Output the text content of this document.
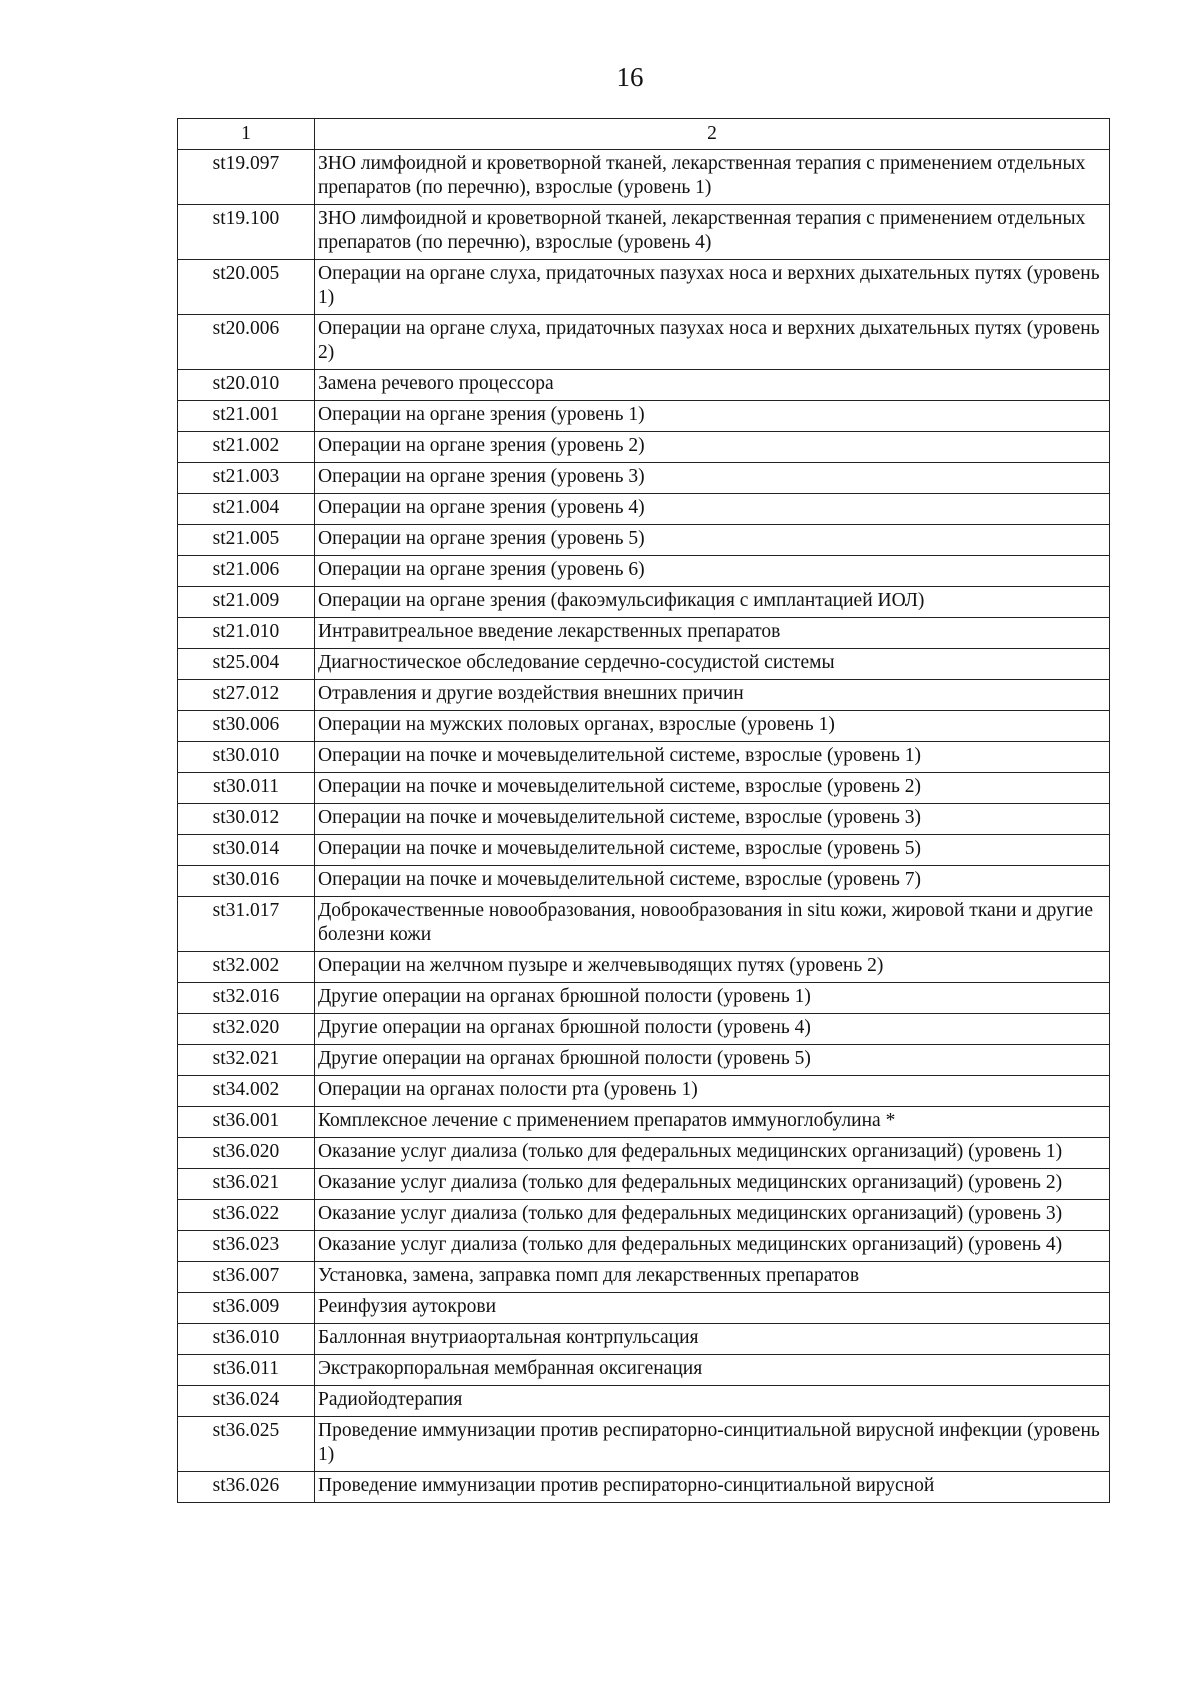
16
1	2
st19.097	ЗНО лимфоидной и кроветворной тканей, лекарственная терапия с применением отдельных препаратов (по перечню), взрослые (уровень 1)
st19.100	ЗНО лимфоидной и кроветворной тканей, лекарственная терапия с применением отдельных препаратов (по перечню), взрослые (уровень 4)
st20.005	Операции на органе слуха, придаточных пазухах носа и верхних дыхательных путях (уровень 1)
st20.006	Операции на органе слуха, придаточных пазухах носа и верхних дыхательных путях (уровень 2)
st20.010	Замена речевого процессора
st21.001	Операции на органе зрения (уровень 1)
st21.002	Операции на органе зрения (уровень 2)
st21.003	Операции на органе зрения (уровень 3)
st21.004	Операции на органе зрения (уровень 4)
st21.005	Операции на органе зрения (уровень 5)
st21.006	Операции на органе зрения (уровень 6)
st21.009	Операции на органе зрения (факоэмульсификация с имплантацией ИОЛ)
st21.010	Интравитреальное введение лекарственных препаратов
st25.004	Диагностическое обследование сердечно-сосудистой системы
st27.012	Отравления и другие воздействия внешних причин
st30.006	Операции на мужских половых органах, взрослые (уровень 1)
st30.010	Операции на почке и мочевыделительной системе, взрослые (уровень 1)
st30.011	Операции на почке и мочевыделительной системе, взрослые (уровень 2)
st30.012	Операции на почке и мочевыделительной системе, взрослые (уровень 3)
st30.014	Операции на почке и мочевыделительной системе, взрослые (уровень 5)
st30.016	Операции на почке и мочевыделительной системе, взрослые (уровень 7)
st31.017	Доброкачественные новообразования, новообразования in situ кожи, жировой ткани и другие болезни кожи
st32.002	Операции на желчном пузыре и желчевыводящих путях (уровень 2)
st32.016	Другие операции на органах брюшной полости (уровень 1)
st32.020	Другие операции на органах брюшной полости (уровень 4)
st32.021	Другие операции на органах брюшной полости (уровень 5)
st34.002	Операции на органах полости рта (уровень 1)
st36.001	Комплексное лечение с применением препаратов иммуноглобулина *
st36.020	Оказание услуг диализа (только для федеральных медицинских организаций) (уровень 1)
st36.021	Оказание услуг диализа (только для федеральных медицинских организаций) (уровень 2)
st36.022	Оказание услуг диализа (только для федеральных медицинских организаций) (уровень 3)
st36.023	Оказание услуг диализа (только для федеральных медицинских организаций) (уровень 4)
st36.007	Установка, замена, заправка помп для лекарственных препаратов
st36.009	Реинфузия аутокрови
st36.010	Баллонная внутриаортальная контрпульсация
st36.011	Экстракорпоральная мембранная оксигенация
st36.024	Радиойодтерапия
st36.025	Проведение иммунизации против респираторно-синцитиальной вирусной инфекции (уровень 1)
st36.026	Проведение иммунизации против респираторно-синцитиальной вирусной
